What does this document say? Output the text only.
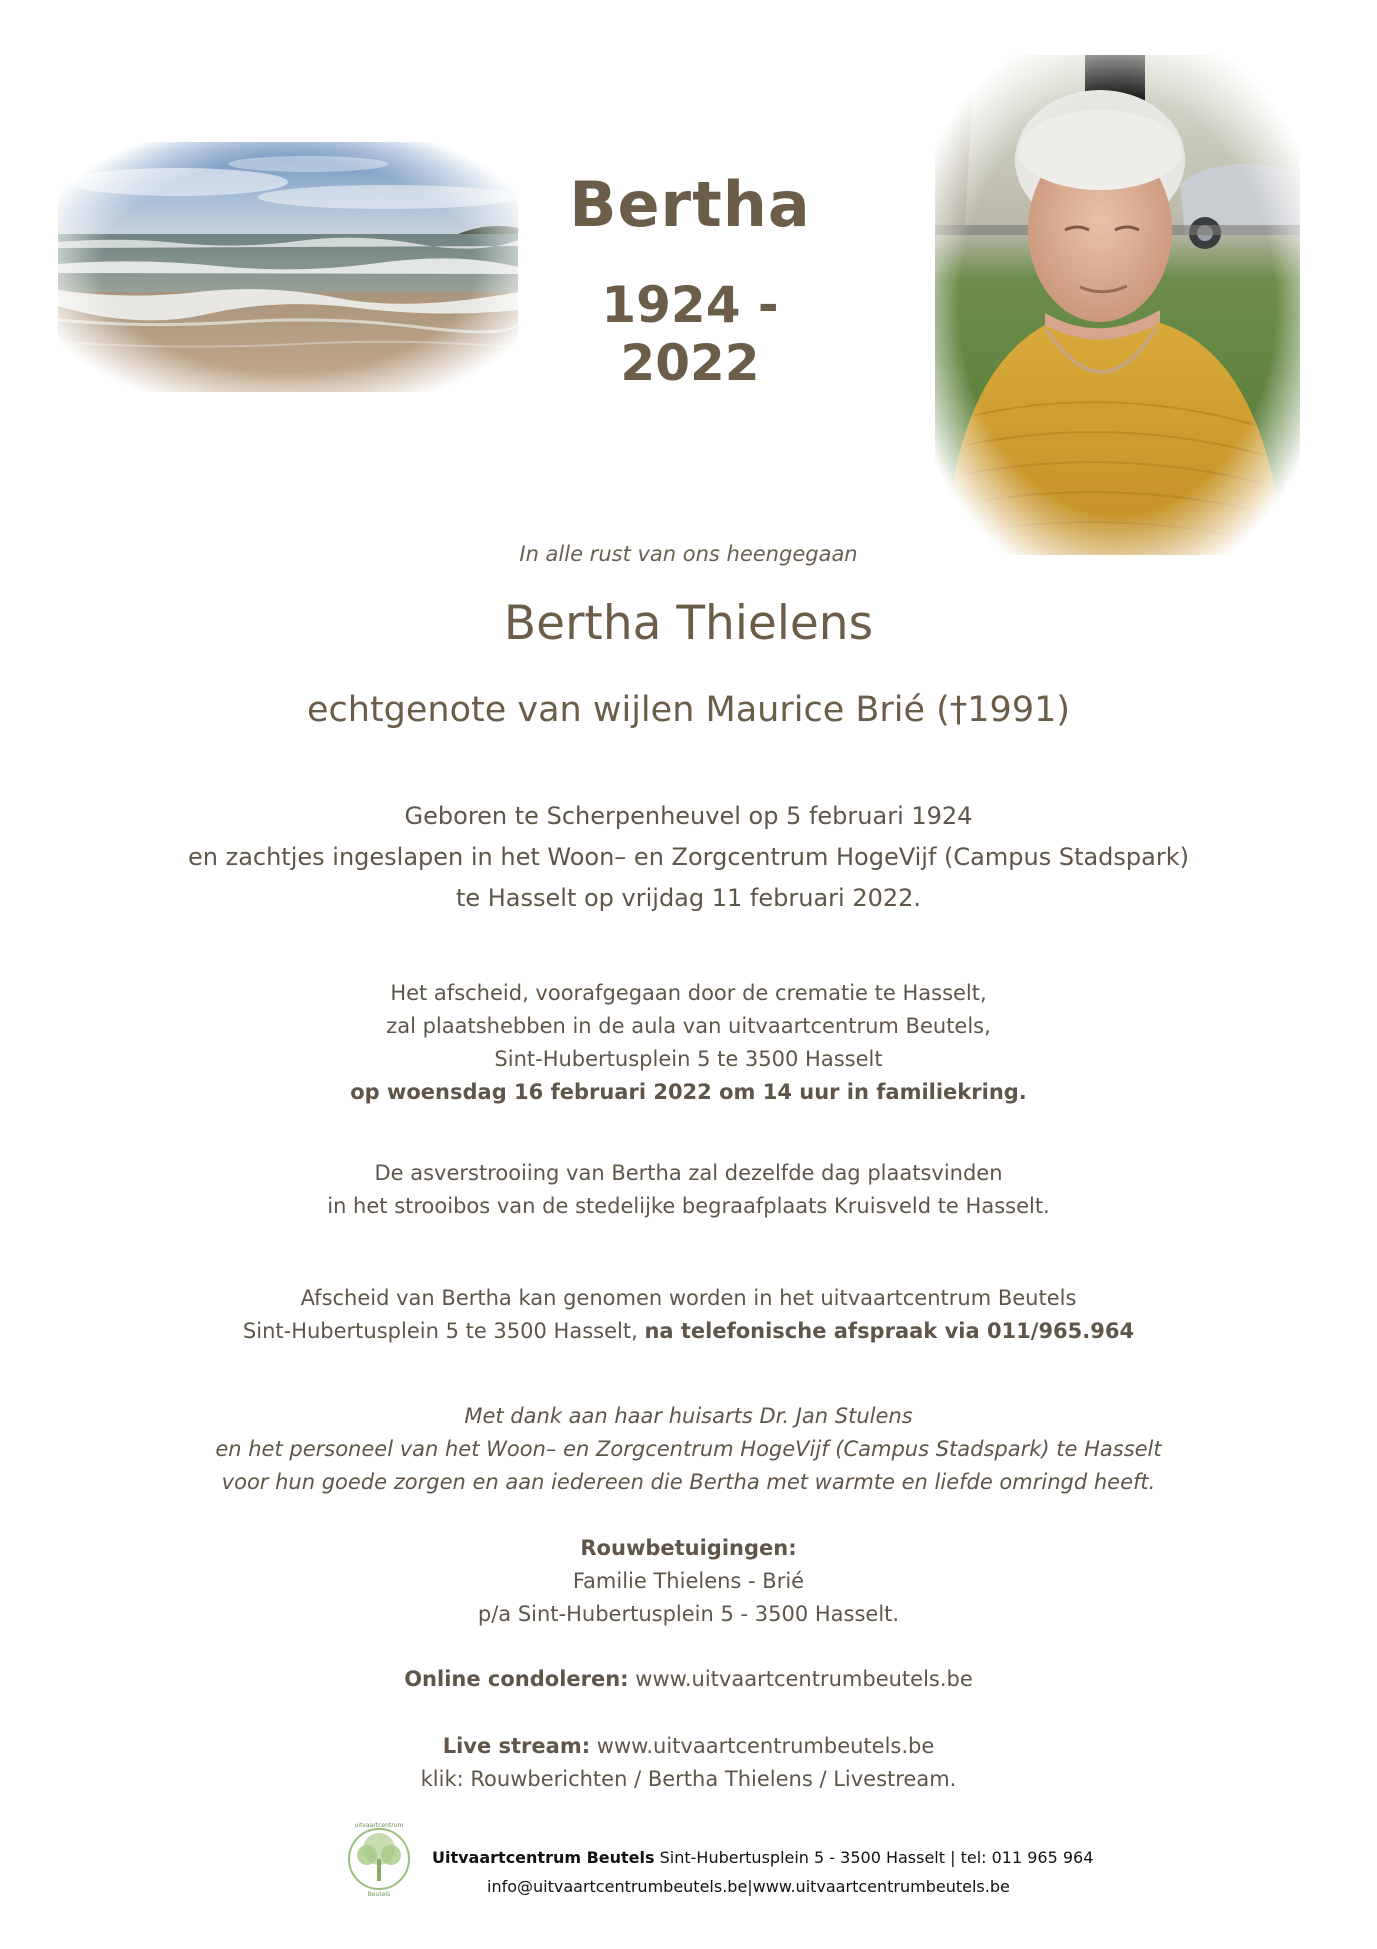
Bertha
1924 - 2022
In alle rust van ons heengegaan
Bertha Thielens
echtgenote van wijlen Maurice Brié (†1991)
Geboren te Scherpenheuvel op 5 februari 1924
en zachtjes ingeslapen in het Woon– en Zorgcentrum HogeVijf (Campus Stadspark)
te Hasselt op vrijdag 11 februari 2022.
Het afscheid, voorafgegaan door de crematie te Hasselt,
zal plaatshebben in de aula van uitvaartcentrum Beutels,
Sint-Hubertusplein 5 te 3500 Hasselt
op woensdag 16 februari 2022 om 14 uur in familiekring.
De asverstrooiing van Bertha zal dezelfde dag plaatsvinden
in het strooibos van de stedelijke begraafplaats Kruisveld te Hasselt.
Afscheid van Bertha kan genomen worden in het uitvaartcentrum Beutels
Sint-Hubertusplein 5 te 3500 Hasselt, na telefonische afspraak via 011/965.964
Met dank aan haar huisarts Dr. Jan Stulens
en het personeel van het Woon– en Zorgcentrum HogeVijf (Campus Stadspark) te Hasselt
voor hun goede zorgen en aan iedereen die Bertha met warmte en liefde omringd heeft.
Rouwbetuigingen:
Familie Thielens - Brié
p/a Sint-Hubertusplein 5 - 3500 Hasselt.
Online condoleren: www.uitvaartcentrumbeutels.be
Live stream: www.uitvaartcentrumbeutels.be
klik: Rouwberichten / Bertha Thielens / Livestream.
uitvaartcentrum
Beutels
Uitvaartcentrum Beutels Sint-Hubertusplein 5 - 3500 Hasselt | tel: 011 965 964
info@uitvaartcentrumbeutels.be|www.uitvaartcentrumbeutels.be
